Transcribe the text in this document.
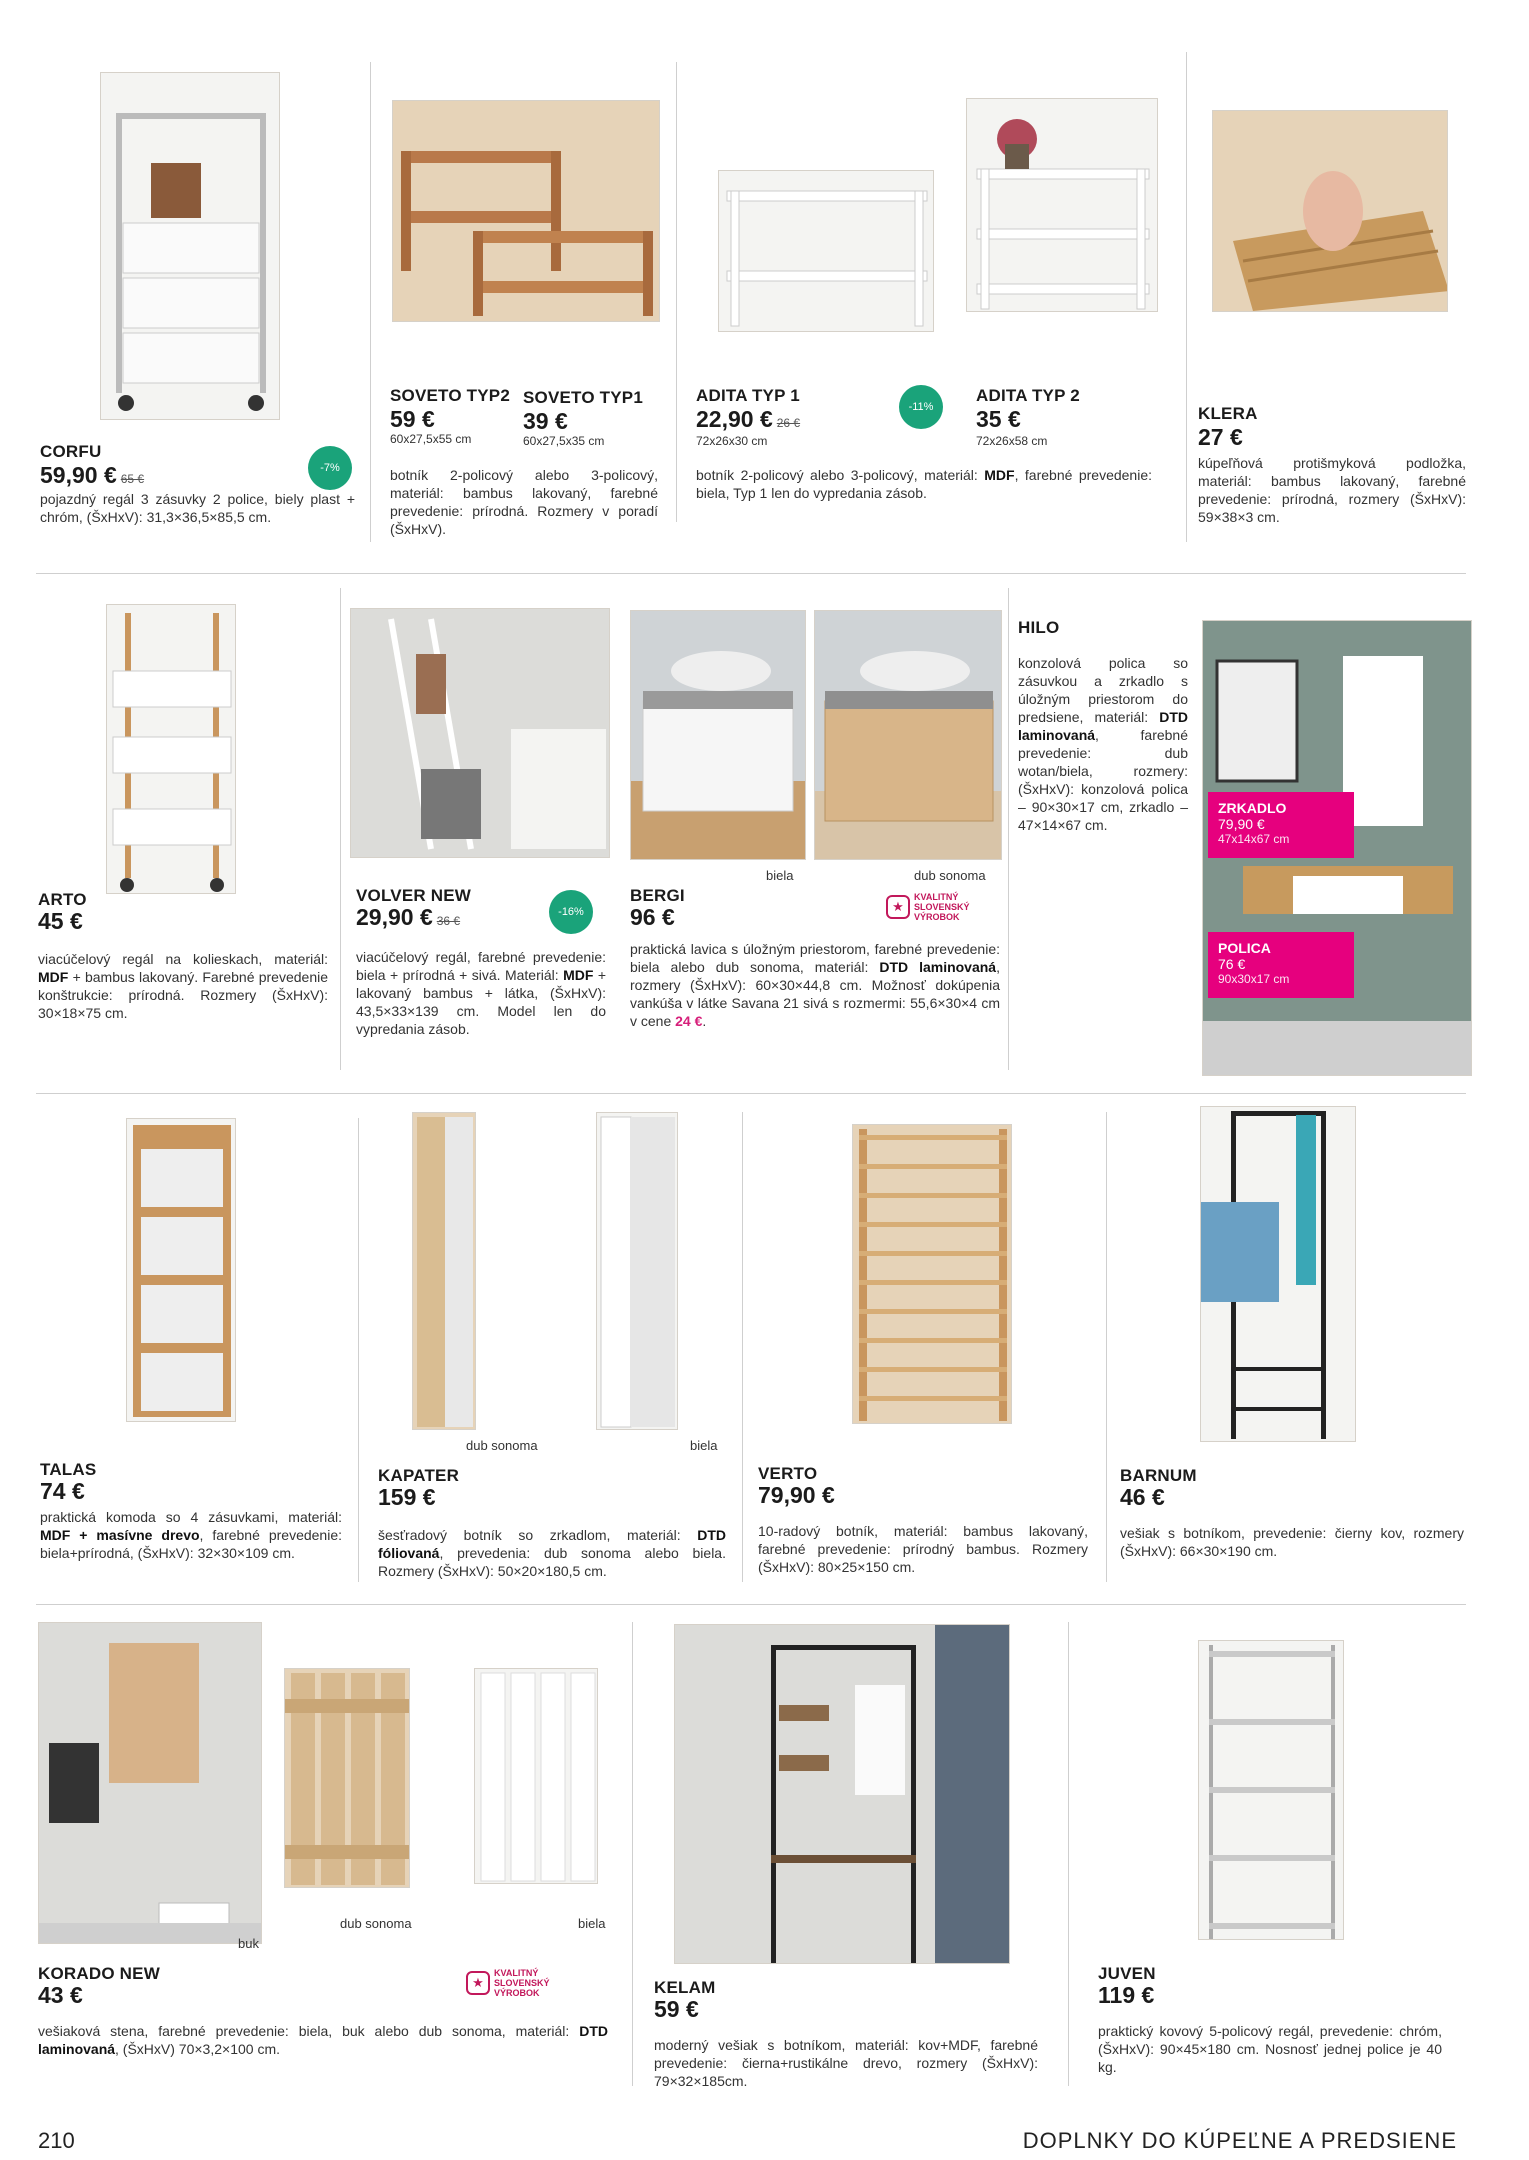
CORFU
59,90 € 65 €
-7%
pojazdný regál 3 zásuvky 2 police, biely plast + chróm, (ŠxHxV): 31,3×36,5×85,5 cm.
SOVETO TYP2
59 €
60x27,5x55 cm
SOVETO TYP1
39 €
60x27,5x35 cm
botník 2-policový alebo 3-policový, materiál: bambus lakovaný, farebné prevedenie: prírodná. Rozmery v poradí (ŠxHxV).
ADITA TYP 1
22,90 € 26 €
72x26x30 cm
-11%
ADITA TYP 2
35 €
72x26x58 cm
botník 2-policový alebo 3-policový, materiál: MDF, farebné prevedenie: biela, Typ 1 len do vypredania zásob.
KLERA
27 €
kúpeľňová protišmyková podložka, materiál: bambus lakovaný, farebné prevedenie: prírodná, rozmery (ŠxHxV): 59×38×3 cm.
ARTO
45 €
viacúčelový regál na kolieskach, materiál: MDF + bambus lakovaný. Farebné prevedenie konštrukcie: prírodná. Rozmery (ŠxHxV): 30×18×75 cm.
VOLVER NEW
29,90 € 36 €
-16%
viacúčelový regál, farebné prevedenie: biela + prírodná + sivá. Materiál: MDF + lakovaný bambus + látka, (ŠxHxV): 43,5×33×139 cm. Model len do vypredania zásob.
biela	dub sonoma
BERGI
96 €	★
KVALITNÝ
SLOVENSKÝ
VÝROBOK
praktická lavica s úložným priestorom, farebné prevedenie: biela alebo dub sonoma, materiál: DTD laminovaná, rozmery (ŠxHxV): 60×30×44,8 cm. Možnosť dokúpenia vankúša v látke Savana 21 sivá s rozmermi: 55,6×30×4 cm v cene 24 €.
HILO
konzolová polica so zásuvkou a zrkadlo s úložným priestorom do predsiene, materiál: DTD laminovaná, farebné prevedenie: dub wotan/biela, rozmery: (ŠxHxV): konzolová polica – 90×30×17 cm, zrkadlo – 47×14×67 cm.
ZRKADLO
79,90 €
47x14x67 cm
POLICA
76 €
90x30x17 cm
TALAS
74 €
praktická komoda so 4 zásuvkami, materiál: MDF + masívne drevo, farebné prevedenie: biela+prírodná, (ŠxHxV): 32×30×109 cm.
dub sonoma	biela
KAPATER
159 €
šesťradový botník so zrkadlom, materiál: DTD fóliovaná, prevedenia: dub sonoma alebo biela. Rozmery (ŠxHxV): 50×20×180,5 cm.
VERTO
79,90 €
10-radový botník, materiál: bambus lakovaný, farebné prevedenie: prírodný bambus. Rozmery (ŠxHxV): 80×25×150 cm.
BARNUM
46 €
vešiak s botníkom, prevedenie: čierny kov, rozmery (ŠxHxV): 66×30×190 cm.
buk
dub sonoma	biela
KORADO NEW
43 €	★
KVALITNÝ
SLOVENSKÝ
VÝROBOK
vešiaková stena, farebné prevedenie: biela, buk alebo dub sonoma, materiál: DTD laminovaná, (ŠxHxV) 70×3,2×100 cm.
KELAM
59 €
moderný vešiak s botníkom, materiál: kov+MDF, farebné prevedenie: čierna+rustikálne drevo, rozmery (ŠxHxV): 79×32×185cm.
JUVEN
119 €
praktický kovový 5-policový regál, prevedenie: chróm, (ŠxHxV): 90×45×180 cm. Nosnosť jednej police je 40 kg.
210	DOPLNKY DO KÚPEĽNE A PREDSIENE
